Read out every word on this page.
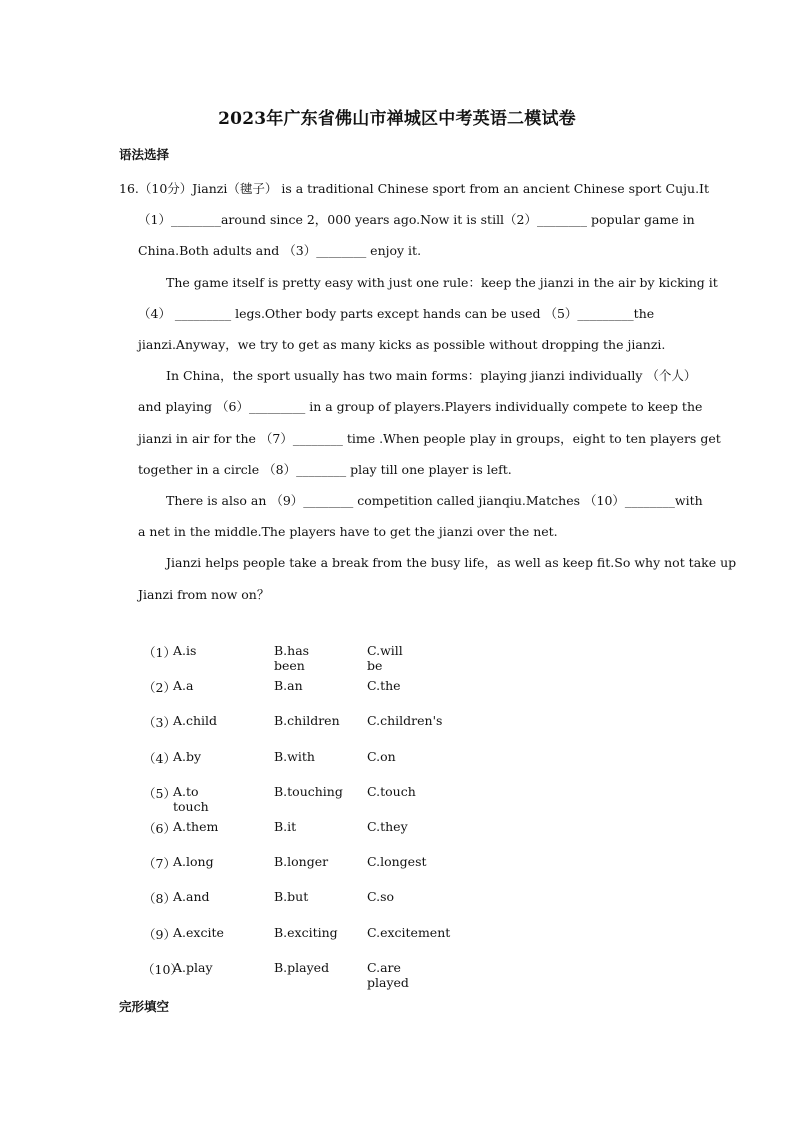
2023年广东省佛山市禅城区中考英语二模试卷
语法选择
16.（10分）Jianzi（毽子） is a traditional Chinese sport from an ancient Chinese sport Cuju.It
（1）________around since 2，000 years ago.Now it is still（2）________ popular game in
China.Both adults and （3）________ enjoy it.
The game itself is pretty easy with just one rule：keep the jianzi in the air by kicking it
（4） _________ legs.Other body parts except hands can be used （5）_________the
jianzi.Anyway，we try to get as many kicks as possible without dropping the jianzi.
In China，the sport usually has two main forms：playing jianzi individually （个人）
and playing （6）_________ in a group of players.Players individually compete to keep the
jianzi in air for the （7）________ time .When people play in groups，eight to ten players get
together in a circle （8）________ play till one player is left.
There is also an （9）________ competition called jianqiu.Matches （10）________with
a net in the middle.The players have to get the jianzi over the net.
Jianzi helps people take a break from the busy life，as well as keep fit.So why not take up
Jianzi from now on？
（1）
A.is	B.has been
C.will be
（2）
A.a	B.an	C.the
（3）
A.child	B.children C.children's
（4）
A.by	B.with	C.on
（5）
A.to touch
B.touching C.touch
（6）
A.them	B.it	C.they
（7）
A.long	B.longer	C.longest
（8）
A.and	B.but	C.so
（9）
A.excite	B.exciting C.excitement
（10）
A.play	B.played	C.are played
完形填空
